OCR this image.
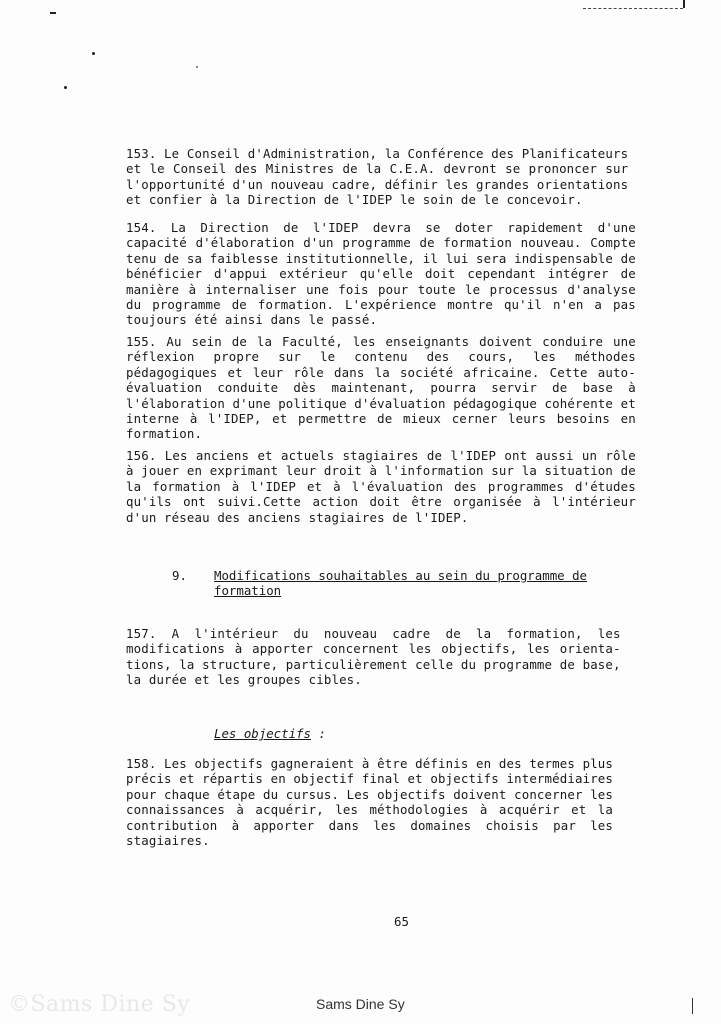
153. Le Conseil d'Administration, la Conférence des Planificateurs
et le Conseil des Ministres de la C.E.A. devront se prononcer sur
l'opportunité d'un nouveau cadre, définir les grandes orientations
et confier à la Direction de l'IDEP le soin de le concevoir.

154. La Direction de l'IDEP devra se doter rapidement d'une
capacité d'élaboration d'un programme de formation nouveau. Compte
tenu de sa faiblesse institutionnelle, il lui sera indispensable de
bénéficier d'appui extérieur qu'elle doit cependant intégrer de
manière à internaliser une fois pour toute le processus d'analyse
du programme de formation. L'expérience montre qu'il n'en a pas
toujours été ainsi dans le passé.

155. Au sein de la Faculté, les enseignants doivent conduire une
réflexion propre sur le contenu des cours, les méthodes
pédagogiques et leur rôle dans la société africaine. Cette auto-
évaluation conduite dès maintenant, pourra servir de base à
l'élaboration d'une politique d'évaluation pédagogique cohérente et
interne à l'IDEP, et permettre de mieux cerner leurs besoins en
formation.

156. Les anciens et actuels stagiaires de l'IDEP ont aussi un rôle
à jouer en exprimant leur droit à l'information sur la situation de
la formation à l'IDEP et à l'évaluation des programmes d'études
qu'ils ont suivi.Cette action doit être organisée à l'intérieur
d'un réseau des anciens stagiaires de l'IDEP.

9. Modifications souhaitables au sein du programme de
formation

157. A l'intérieur du nouveau cadre de la formation, les
modifications à apporter concernent les objectifs, les orienta-
tions, la structure, particulièrement celle du programme de base,
la durée et les groupes cibles.

Les objectifs :

158. Les objectifs gagneraient à être définis en des termes plus
précis et répartis en objectif final et objectifs intermédiaires
pour chaque étape du cursus. Les objectifs doivent concerner les
connaissances à acquérir, les méthodologies à acquérir et la
contribution à apporter dans les domaines choisis par les
stagiaires.

65
©Sams Dine Sy	Sams Dine Sy
